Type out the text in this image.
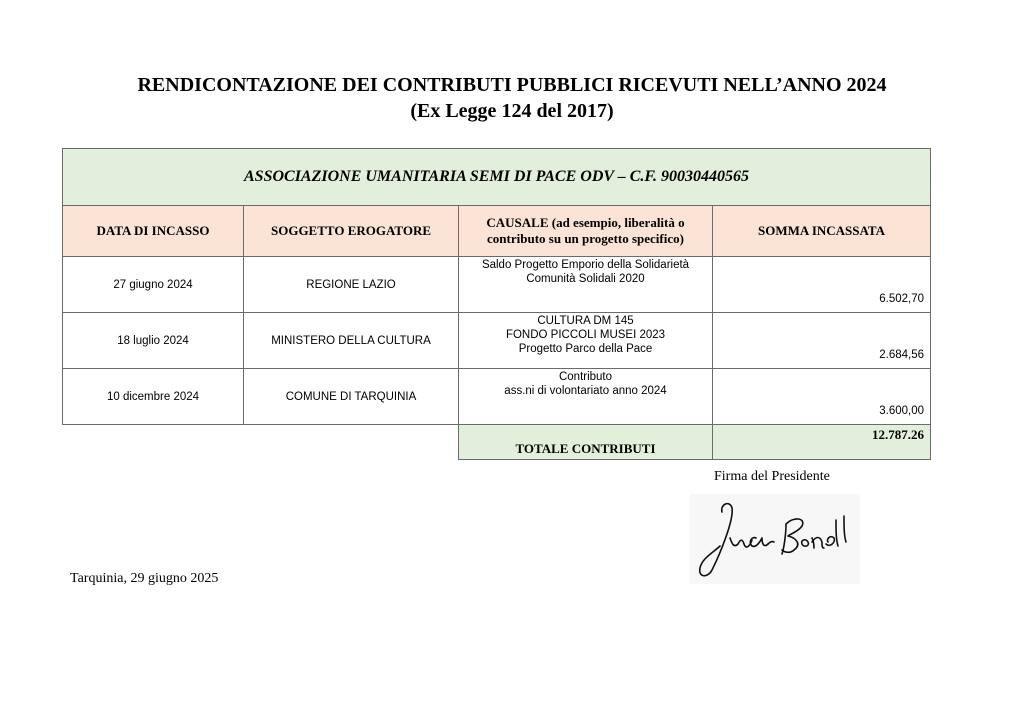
RENDICONTAZIONE DEI CONTRIBUTI PUBBLICI RICEVUTI NELL’ANNO 2024
(Ex Legge 124 del 2017)
ASSOCIAZIONE UMANITARIA SEMI DI PACE ODV – C.F. 90030440565			
DATA DI INCASSO	SOGGETTO EROGATORE	CAUSALE (ad esempio, liberalità o
contributo su un progetto specifico)	SOMMA INCASSATA
27 giugno 2024	REGIONE LAZIO	Saldo Progetto Emporio della Solidarietà
Comunità Solidali 2020	6.502,70
18 luglio 2024	MINISTERO DELLA CULTURA	CULTURA DM 145
FONDO PICCOLI MUSEI 2023
Progetto Parco della Pace	2.684,56
10 dicembre 2024	COMUNE DI TARQUINIA	Contributo
ass.ni di volontariato anno 2024	3.600,00
		TOTALE CONTRIBUTI	12.787.26
Firma del Presidente
Tarquinia, 29 giugno 2025
